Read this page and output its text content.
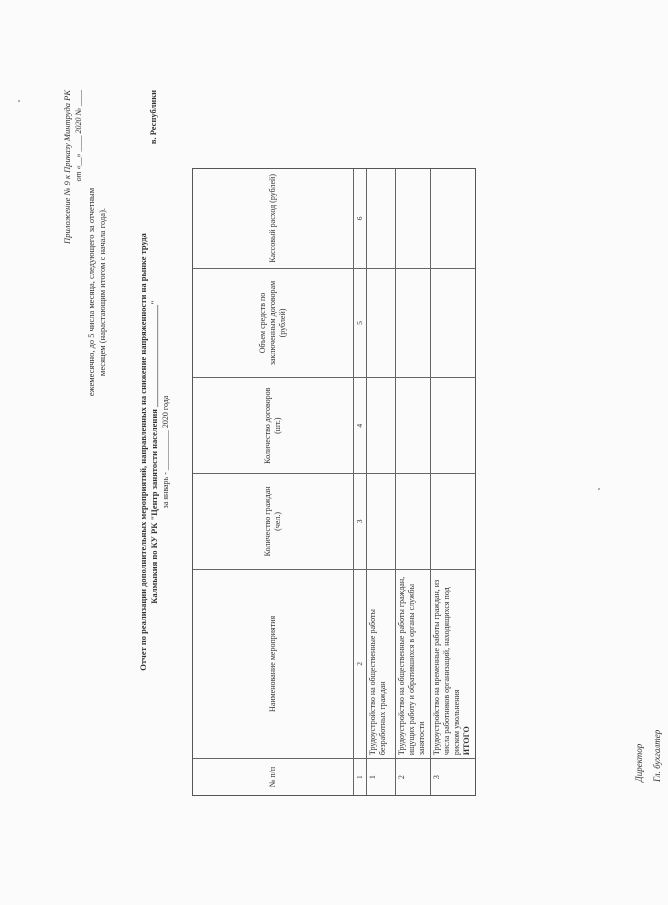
Приложение № 9 к Приказу Минтруда РК от «__» ____ 2020 № ____
ежемесячно, до 5 числа месяца, следующего за отчетным месяцем (нарастающим итогом с начала года).	Отчет по реализации дополнительных мероприятий, направленных на снижение напряженности на рынке труда Калмыкия по КУ РК "Центр занятости населения ________________________" за январь - __________ 2020 года
в. Республики
№ п/п
Наименование мероприятия
Количество граждан (чел.)
Количество договоров (шт.)
Объем средств по заключенным договорам (рублей)
Кассовый расход (рублей)
1
2
3
4
5
6
1
Трудоустройство на общественные работы безработных граждан
2
Трудоустройство на общественные работы граждан, ищущих работу и обратившихся в органы службы занятости
3
Трудоустройство на временные работы граждан, из числа работников организаций, находящихся под риском увольнения
ИТОГО
Директор Гл. бухгалтер
